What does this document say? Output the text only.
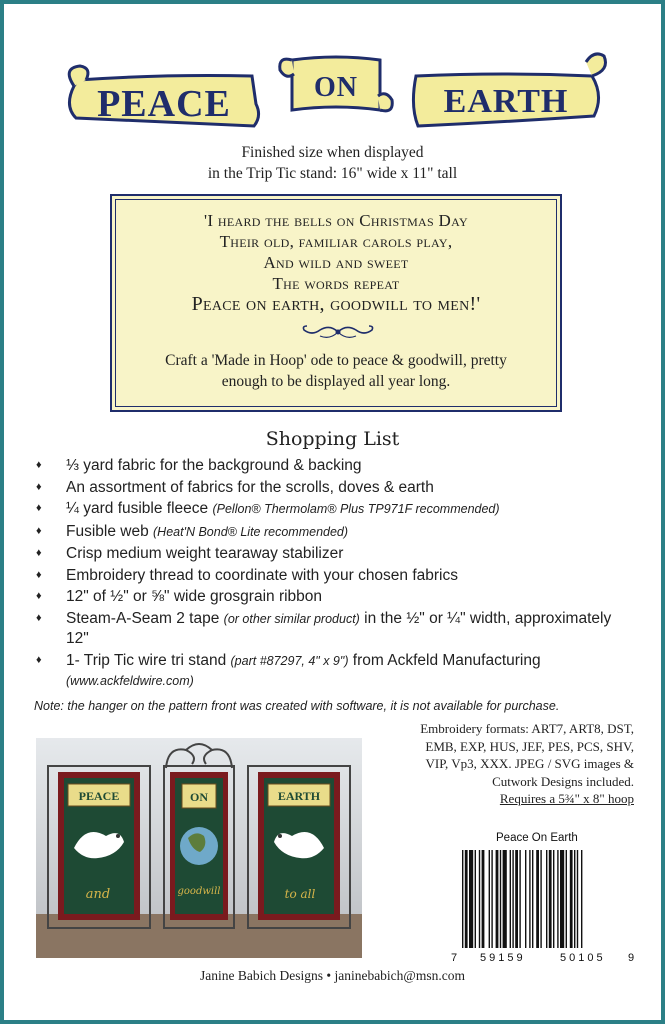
PEACE	ON	EARTH
Finished size when displayed
in the Trip Tic stand: 16" wide x 11" tall
'I heard the bells on Christmas Day
Their old, familiar carols play,
And wild and sweet
The words repeat
Peace on earth, goodwill to men!'
Craft a 'Made in Hoop' ode to peace & goodwill, pretty
enough to be displayed all year long.
Shopping List
♦ ⅓ yard fabric for the background & backing
♦ An assortment of fabrics for the scrolls, doves & earth
♦ ¼ yard fusible fleece (Pellon® Thermolam® Plus TP971F recommended)
♦ Fusible web (Heat'N Bond® Lite recommended)
♦ Crisp medium weight tearaway stabilizer
♦ Embroidery thread to coordinate with your chosen fabrics
♦ 12" of ½" or ⅝" wide grosgrain ribbon
♦ Steam-A-Seam 2 tape (or other similar product) in the ½" or ¼" width, approximately 12"
♦ 1- Trip Tic wire tri stand (part #87297, 4" x 9") from Ackfeld Manufacturing (www.ackfeldwire.com)
Note: the hanger on the pattern front was created with software, it is not available for purchase.
PEACE
and
ON
goodwill
EARTH
to all
Embroidery formats: ART7, ART8, DST,
EMB, EXP, HUS, JEF, PES, PCS, SHV,
VIP, Vp3, XXX. JPEG / SVG images &
Cutwork Designs included.
Requires a 5¾" x 8" hoop
Peace On Earth
7 59159	50105 9
Janine Babich Designs • janinebabich@msn.com
